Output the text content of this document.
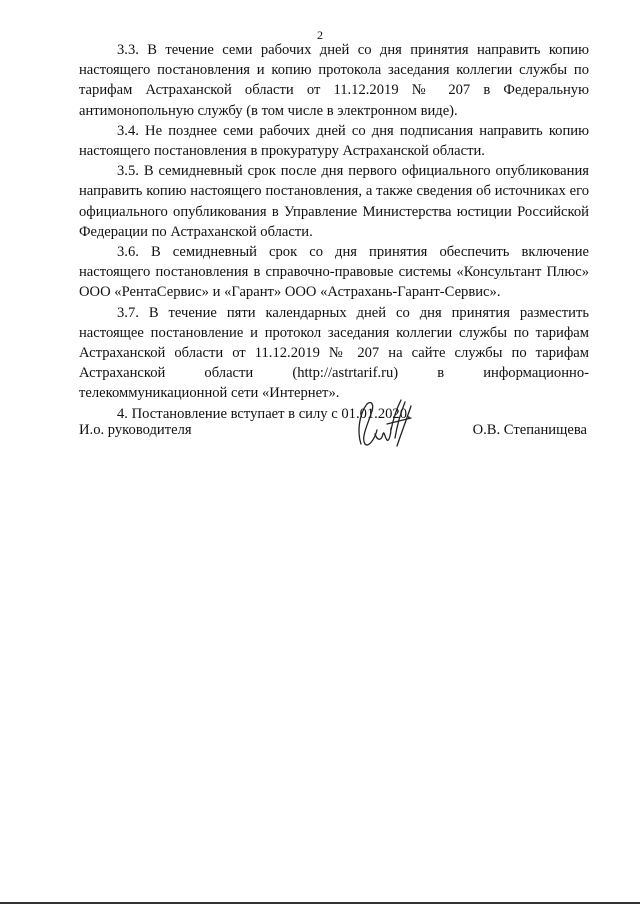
2

3.3. В течение семи рабочих дней со дня принятия направить копию настоящего постановления и копию протокола заседания коллегии службы по тарифам Астраханской области от 11.12.2019 № 207 в Федеральную антимонопольную службу (в том числе в электронном виде).

3.4. Не позднее семи рабочих дней со дня подписания направить копию настоящего постановления в прокуратуру Астраханской области.

3.5. В семидневный срок после дня первого официального опубликования направить копию настоящего постановления, а также сведения об источниках его официального опубликования в Управление Министерства юстиции Российской Федерации по Астраханской области.

3.6. В семидневный срок со дня принятия обеспечить включение настоящего постановления в справочно-правовые системы «Консультант Плюс» ООО «РентаСервис» и «Гарант» ООО «Астрахань-Гарант-Сервис».

3.7. В течение пяти календарных дней со дня принятия разместить настоящее постановление и протокол заседания коллегии службы по тарифам Астраханской области от 11.12.2019 № 207 на сайте службы по тарифам Астраханской области (http://astrtarif.ru) в информационно-телекоммуникационной сети «Интернет».

4. Постановление вступает в силу с 01.01.2020.

И.о. руководителя	О.В. Степанищева
